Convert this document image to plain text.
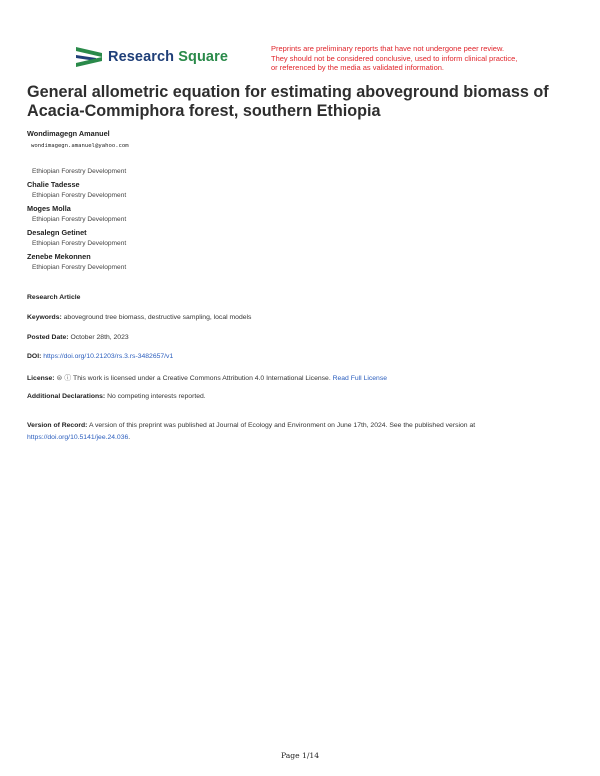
Research Square
Preprints are preliminary reports that have not undergone peer review.
They should not be considered conclusive, used to inform clinical practice,
or referenced by the media as validated information.
General allometric equation for estimating aboveground biomass of Acacia-Commiphora forest, southern Ethiopia
Wondimagegn Amanuel
wondimagegn.amanuel@yahoo.com
Ethiopian Forestry Development
Chalie Tadesse
Ethiopian Forestry Development
Moges Molla
Ethiopian Forestry Development
Desalegn Getinet
Ethiopian Forestry Development
Zenebe Mekonnen
Ethiopian Forestry Development
Research Article
Keywords: aboveground tree biomass, destructive sampling, local models
Posted Date: October 28th, 2023
DOI: https://doi.org/10.21203/rs.3.rs-3482657/v1
License: ⊜ ⓘ This work is licensed under a Creative Commons Attribution 4.0 International License. Read Full License
Additional Declarations: No competing interests reported.
Version of Record: A version of this preprint was published at Journal of Ecology and Environment on June 17th, 2024. See the published version at https://doi.org/10.5141/jee.24.036.
Page 1/14
